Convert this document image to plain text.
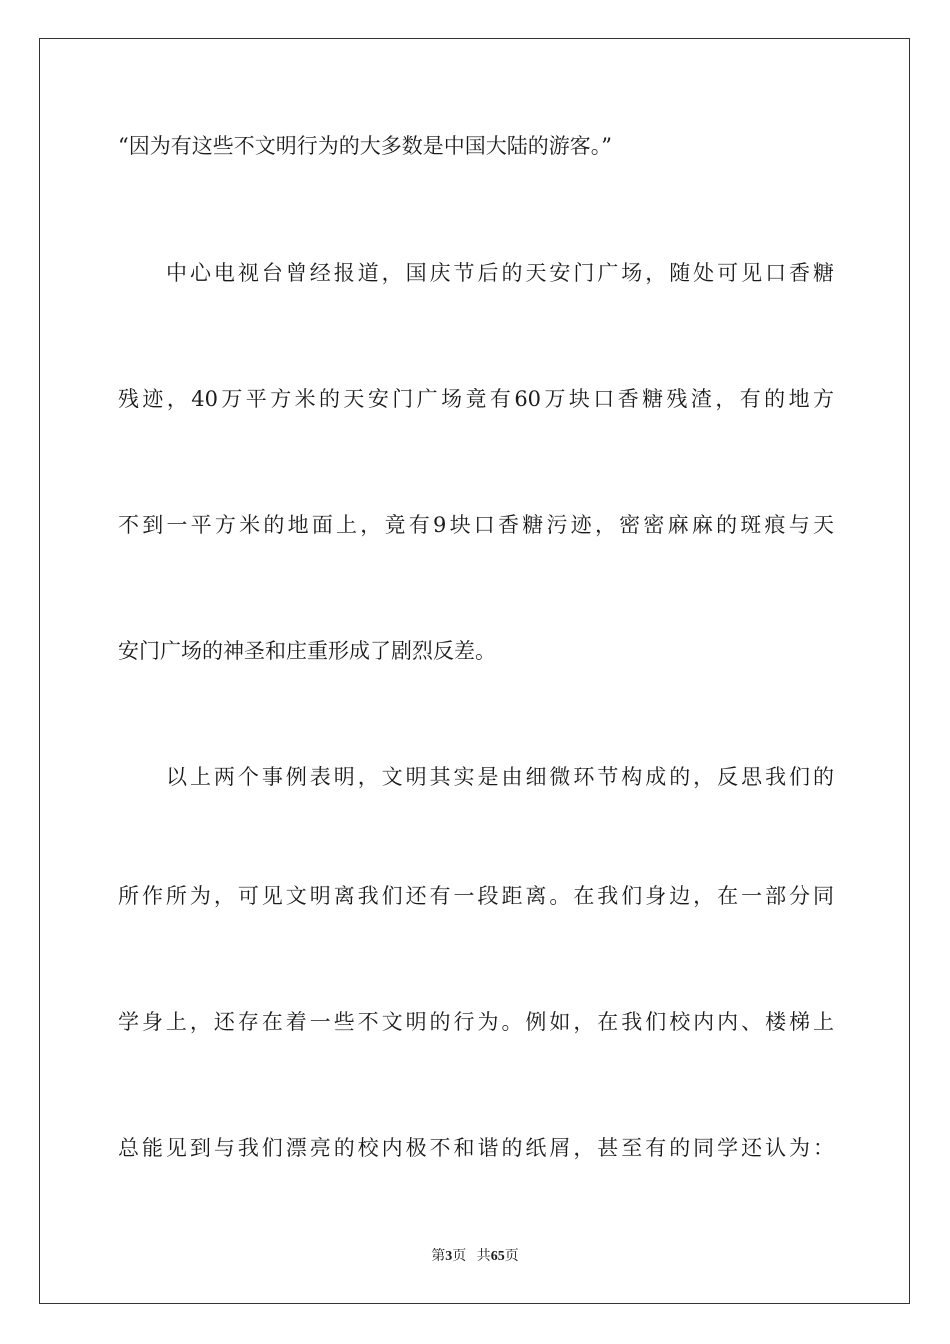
“因为有这些不文明行为的大多数是中国大陆的游客。”
中心电视台曾经报道，国庆节后的天安门广场，随处可见口香糖
残迹，40万平方米的天安门广场竟有60万块口香糖残渣，有的地方
不到一平方米的地面上，竟有9块口香糖污迹，密密麻麻的斑痕与天
安门广场的神圣和庄重形成了剧烈反差。
以上两个事例表明，文明其实是由细微环节构成的，反思我们的
所作所为，可见文明离我们还有一段距离。在我们身边，在一部分同
学身上，还存在着一些不文明的行为。例如，在我们校内内、楼梯上
总能见到与我们漂亮的校内极不和谐的纸屑，甚至有的同学还认为：
第3页 共65页
